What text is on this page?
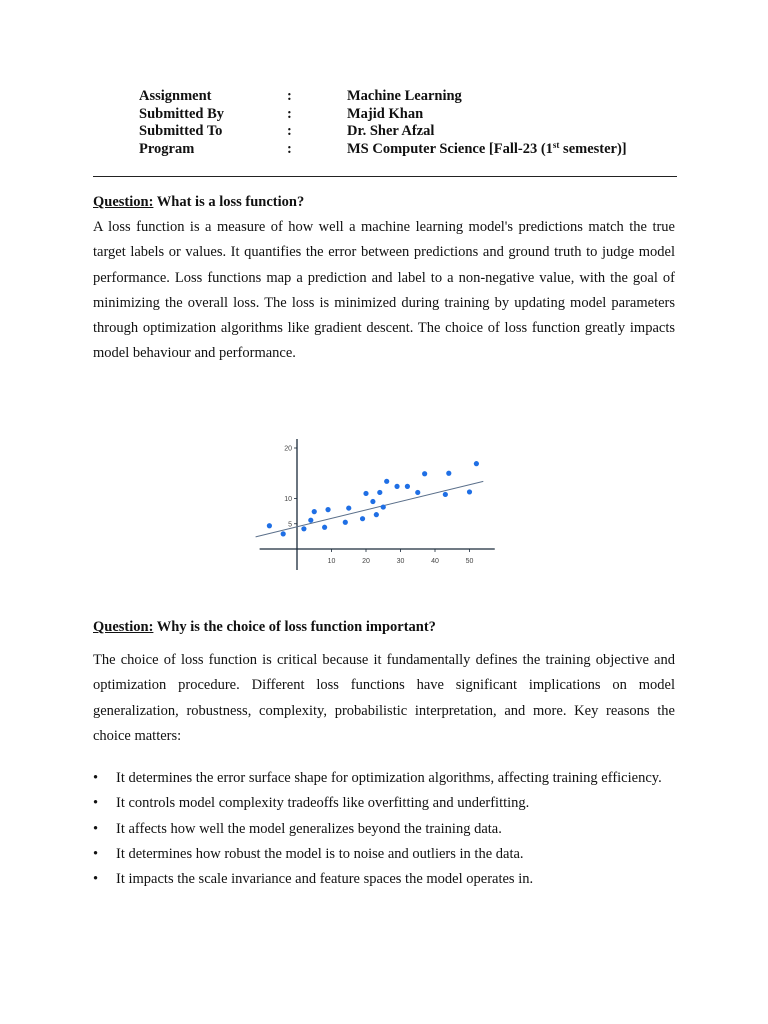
Assignment	:	Machine Learning
Submitted By	:	Majid Khan
Submitted To	:	Dr. Sher Afzal
Program	:	MS Computer Science [Fall-23 (1st semester)]
Question: What is a loss function?

A loss function is a measure of how well a machine learning model's predictions match the true target labels or values. It quantifies the error between predictions and ground truth to judge model performance. Loss functions map a prediction and label to a non-negative value, with the goal of minimizing the overall loss. The loss is minimized during training by updating model parameters through optimization algorithms like gradient descent. The choice of loss function greatly impacts model behaviour and performance.

10	20	30	40	50
5
10
20
Question: Why is the choice of loss function important?

The choice of loss function is critical because it fundamentally defines the training objective and optimization procedure. Different loss functions have significant implications on model generalization, robustness, complexity, probabilistic interpretation, and more. Key reasons the choice matters:

• It determines the error surface shape for optimization algorithms, affecting training efficiency.
• It controls model complexity tradeoffs like overfitting and underfitting.
• It affects how well the model generalizes beyond the training data.
• It determines how robust the model is to noise and outliers in the data.
• It impacts the scale invariance and feature spaces the model operates in.
